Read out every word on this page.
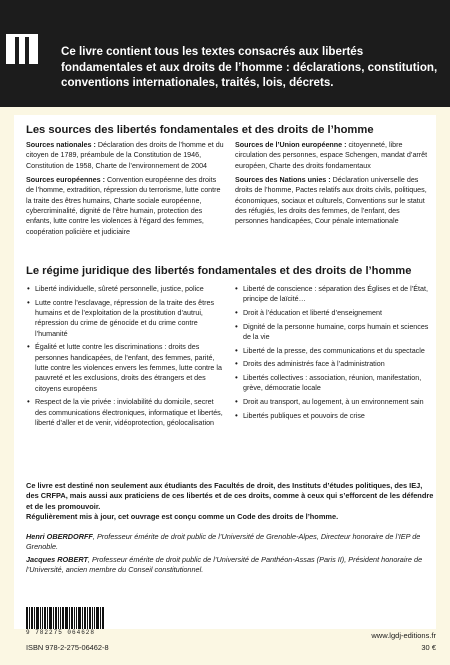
Ce livre contient tous les textes consacrés aux libertés fondamentales et aux droits de l’homme : déclarations, constitution, conventions internationales, traités, lois, décrets.
Les sources des libertés fondamentales et des droits de l’homme
Sources nationales : Déclaration des droits de l’homme et du citoyen de 1789, préambule de la Constitution de 1946, Constitution de 1958, Charte de l’environnement de 2004
Sources européennes : Convention européenne des droits de l’homme, extradition, répression du terrorisme, lutte contre la traite des êtres humains, Charte sociale européenne, cybercriminalité, dignité de l’être humain, protection des enfants, lutte contre les violences à l’égard des femmes, coopération policière et judiciaire
Sources de l’Union européenne : citoyenneté, libre circulation des personnes, espace Schengen, mandat d’arrêt européen, Charte des droits fondamentaux
Sources des Nations unies : Déclaration universelle des droits de l’homme, Pactes relatifs aux droits civils, politiques, économiques, sociaux et culturels, Conventions sur le statut des réfugiés, les droits des femmes, de l’enfant, des personnes handicapées, Cour pénale internationale
Le régime juridique des libertés fondamentales et des droits de l’homme
• Liberté individuelle, sûreté personnelle, justice, police
• Lutte contre l’esclavage, répression de la traite des êtres humains et de l’exploitation de la prostitution d’autrui, répression du crime de génocide et du crime contre l’humanité
• Égalité et lutte contre les discriminations : droits des personnes handicapées, de l’enfant, des femmes, parité, lutte contre les violences envers les femmes, lutte contre la pauvreté et les exclusions, droits des étrangers et des citoyens européens
• Respect de la vie privée : inviolabilité du domicile, secret des communications électroniques, informatique et libertés, liberté d’aller et de venir, vidéoprotection, géolocalisation
• Liberté de conscience : séparation des Églises et de l’État, principe de laïcité…
• Droit à l’éducation et liberté d’enseignement
• Dignité de la personne humaine, corps humain et sciences de la vie
• Liberté de la presse, des communications et du spectacle
• Droits des administrés face à l’administration
• Libertés collectives : association, réunion, manifestation, grève, démocratie locale
• Droit au transport, au logement, à un environnement sain
• Libertés publiques et pouvoirs de crise
Ce livre est destiné non seulement aux étudiants des Facultés de droit, des Instituts d’études politiques, des IEJ, des CRFPA, mais aussi aux praticiens de ces libertés et de ces droits, comme à ceux qui s’efforcent de les défendre et de les promouvoir.
Régulièrement mis à jour, cet ouvrage est conçu comme un Code des droits de l’homme.
Henri OBERDORFF, Professeur émérite de droit public de l’Université de Grenoble-Alpes, Directeur honoraire de l’IEP de Grenoble.
Jacques ROBERT, Professeur émérite de droit public de l’Université de Panthéon-Assas (Paris II), Président honoraire de l’Université, ancien membre du Conseil constitutionnel.
9 782275 064628
ISBN 978-2-275-06462-8
www.lgdj-editions.fr
30 €
